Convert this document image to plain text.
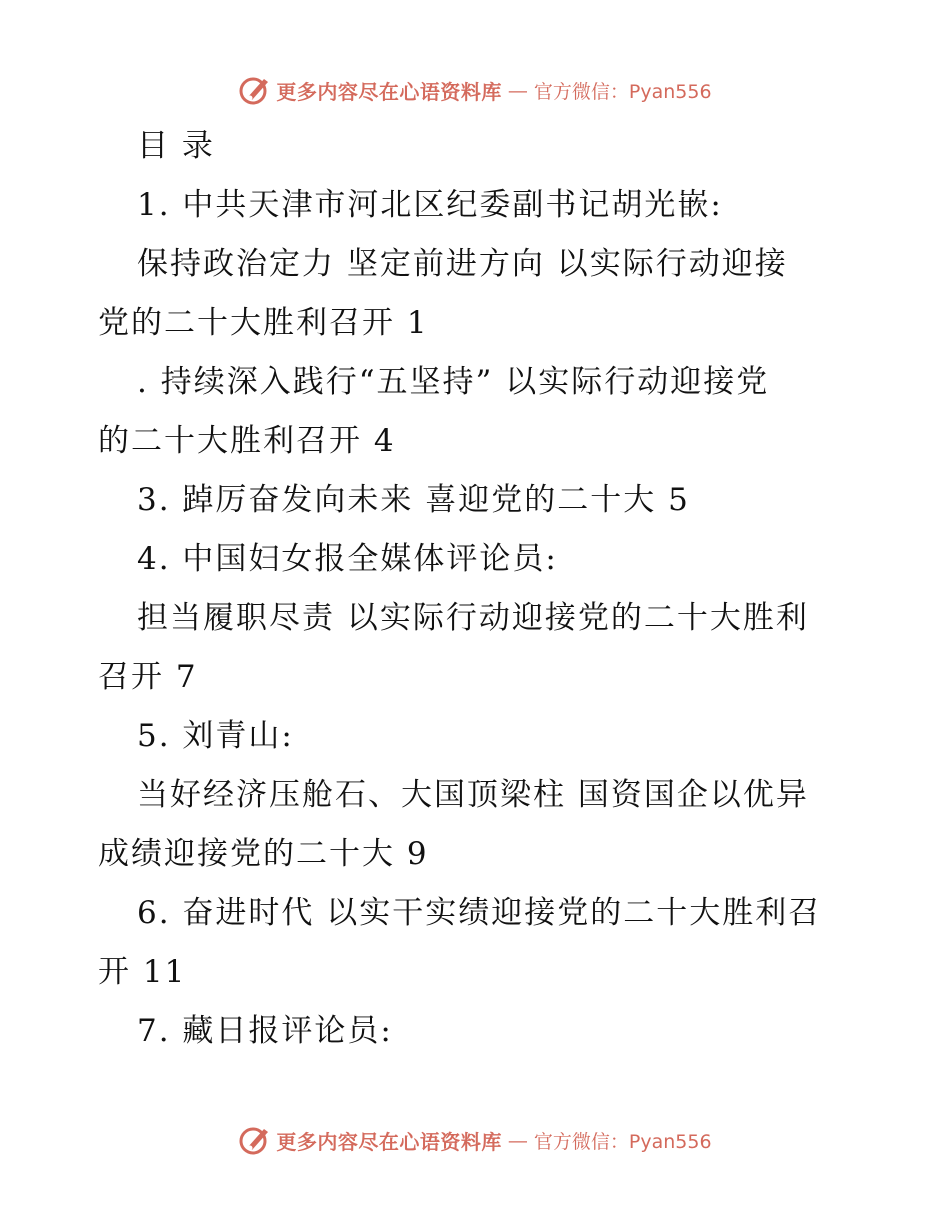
更多内容尽在心语资料库 — 官方微信：Pyan556
目 录
1. 中共天津市河北区纪委副书记胡光嵌:
保持政治定力 坚定前进方向 以实际行动迎接
党的二十大胜利召开 1
. 持续深入践行“五坚持” 以实际行动迎接党
的二十大胜利召开 4
3. 踔厉奋发向未来 喜迎党的二十大 5
4. 中国妇女报全媒体评论员:
担当履职尽责 以实际行动迎接党的二十大胜利
召开 7
5. 刘青山:
当好经济压舱石、大国顶梁柱 国资国企以优异
成绩迎接党的二十大 9
6. 奋进时代 以实干实绩迎接党的二十大胜利召
开 11
7. 藏日报评论员:
更多内容尽在心语资料库 — 官方微信：Pyan556
